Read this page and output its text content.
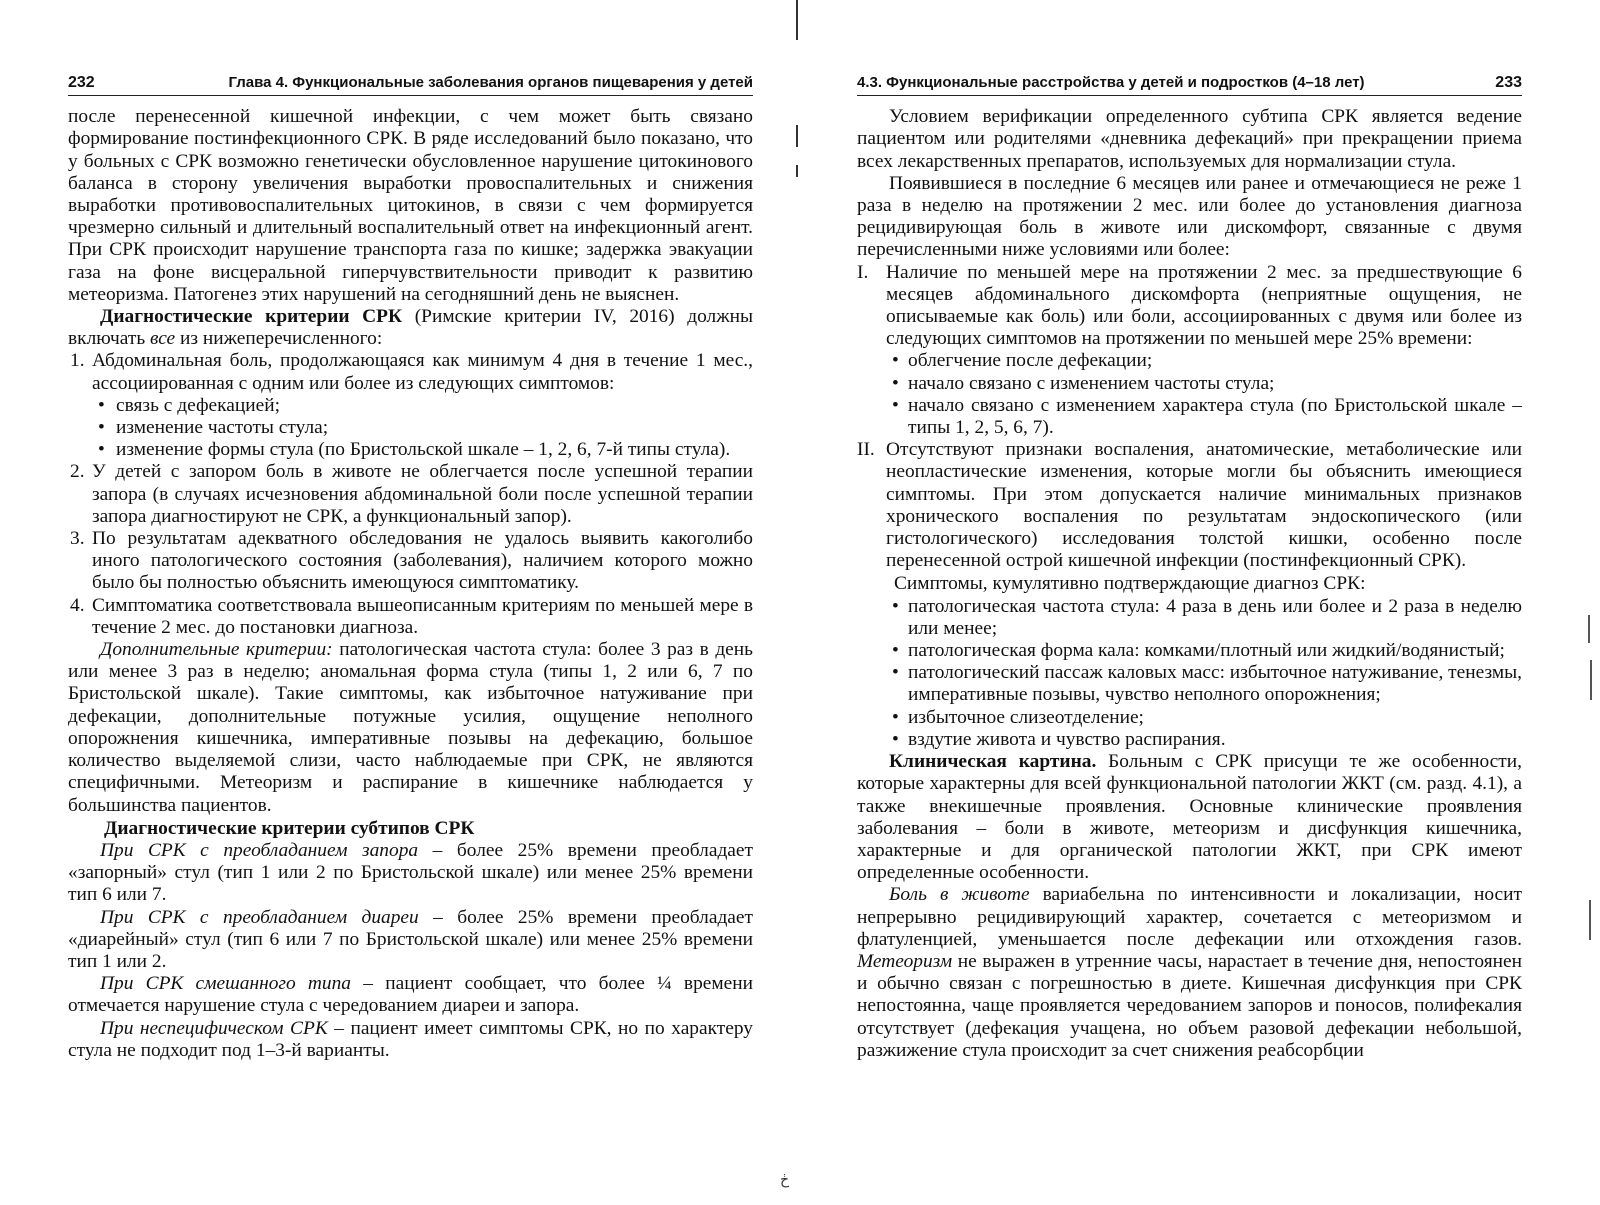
ڂ
232	Глава 4. Функциональные заболевания органов пищеварения у детей

после перенесенной кишечной инфекции, с чем может быть связано формирование постинфекционного СРК. В ряде исследований было показано, что у больных с СРК возможно генетически обусловленное нарушение цитокинового баланса в сторону увеличения выработки провоспалительных и снижения выработки противовоспалительных цитокинов, в связи с чем формируется чрезмерно сильный и длительный воспалительный ответ на инфекционный агент. При СРК происходит нарушение транспорта газа по кишке; задержка эвакуации газа на фоне висцеральной гиперчувствительности приводит к развитию метеоризма. Патогенез этих нарушений на сегодняшний день не выяснен.

Диагностические критерии СРК (Римские критерии IV, 2016) должны включать все из нижеперечисленного:

1. Абдоминальная боль, продолжающаяся как минимум 4 дня в течение 1 мес., ассоциированная с одним или более из следующих симптомов:
• связь с дефекацией;
• изменение частоты стула;
• изменение формы стула (по Бристольской шкале – 1, 2, 6, 7-й типы стула).
2. У детей с запором боль в животе не облегчается после успешной терапии запора (в случаях исчезновения абдоминальной боли после успешной терапии запора диагностируют не СРК, а функциональный запор).
3. По результатам адекватного обследования не удалось выявить какоголибо иного патологического состояния (заболевания), наличием которого можно было бы полностью объяснить имеющуюся симптоматику.
4. Симптоматика соответствовала вышеописанным критериям по меньшей мере в течение 2 мес. до постановки диагноза.

Дополнительные критерии: патологическая частота стула: более 3 раз в день или менее 3 раз в неделю; аномальная форма стула (типы 1, 2 или 6, 7 по Бристольской шкале). Такие симптомы, как избыточное натуживание при дефекации, дополнительные потужные усилия, ощущение неполного опорожнения кишечника, императивные позывы на дефекацию, большое количество выделяемой слизи, часто наблюдаемые при СРК, не являются специфичными. Метеоризм и распирание в кишечнике наблюдается у большинства пациентов.

Диагностические критерии субтипов СРК

При СРК с преобладанием запора – более 25% времени преобладает «запорный» стул (тип 1 или 2 по Бристольской шкале) или менее 25% времени тип 6 или 7.

При СРК с преобладанием диареи – более 25% времени преобладает «диарейный» стул (тип 6 или 7 по Бристольской шкале) или менее 25% времени тип 1 или 2.

При СРК смешанного типа – пациент сообщает, что более ¼ времени отмечается нарушение стула с чередованием диареи и запора.

При неспецифическом СРК – пациент имеет симптомы СРК, но по характеру стула не подходит под 1–3-й варианты.

4.3. Функциональные расстройства у детей и подростков (4–18 лет)	233

Условием верификации определенного субтипа СРК является ведение пациентом или родителями «дневника дефекаций» при прекращении приема всех лекарственных препаратов, используемых для нормализации стула.

Появившиеся в последние 6 месяцев или ранее и отмечающиеся не реже 1 раза в неделю на протяжении 2 мес. или более до установления диагноза рецидивирующая боль в животе или дискомфорт, связанные с двумя перечисленными ниже условиями или более:

I. Наличие по меньшей мере на протяжении 2 мес. за предшествующие 6 месяцев абдоминального дискомфорта (неприятные ощущения, не описываемые как боль) или боли, ассоциированных с двумя или более из следующих симптомов на протяжении по меньшей мере 25% времени:
• облегчение после дефекации;
• начало связано с изменением частоты стула;
• начало связано с изменением характера стула (по Бристольской шкале – типы 1, 2, 5, 6, 7).
II. Отсутствуют признаки воспаления, анатомические, метаболические или неопластические изменения, которые могли бы объяснить имеющиеся симптомы. При этом допускается наличие минимальных признаков хронического воспаления по результатам эндоскопического (или гистологического) исследования толстой кишки, особенно после перенесенной острой кишечной инфекции (постинфекционный СРК).

Симптомы, кумулятивно подтверждающие диагноз СРК:

• патологическая частота стула: 4 раза в день или более и 2 раза в неделю или менее;
• патологическая форма кала: комками/плотный или жидкий/водянистый;
• патологический пассаж каловых масс: избыточное натуживание, тенезмы, императивные позывы, чувство неполного опорожнения;
• избыточное слизеотделение;
• вздутие живота и чувство распирания.

Клиническая картина. Больным с СРК присущи те же особенности, которые характерны для всей функциональной патологии ЖКТ (см. разд. 4.1), а также внекишечные проявления. Основные клинические проявления заболевания – боли в животе, метеоризм и дисфункция кишечника, характерные и для органической патологии ЖКТ, при СРК имеют определенные особенности.

Боль в животе вариабельна по интенсивности и локализации, носит непрерывно рецидивирующий характер, сочетается с метеоризмом и флатуленцией, уменьшается после дефекации или отхождения газов. Метеоризм не выражен в утренние часы, нарастает в течение дня, непостоянен и обычно связан с погрешностью в диете. Кишечная дисфункция при СРК непостоянна, чаще проявляется чередованием запоров и поносов, полифекалия отсутствует (дефекация учащена, но объем разовой дефекации небольшой, разжижение стула происходит за счет снижения реабсорбции
